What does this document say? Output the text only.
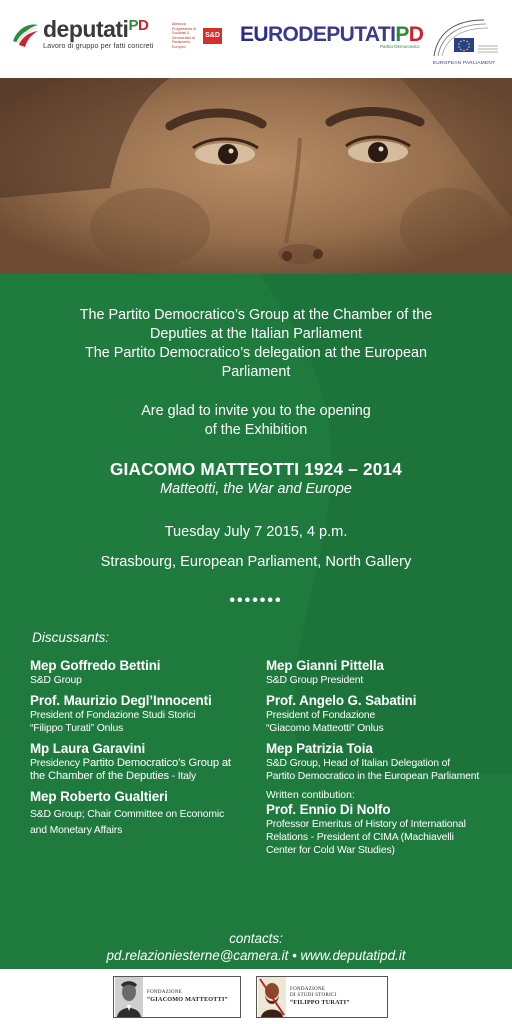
deputatiPD
Lavoro di gruppo per fatti concreti
Alleanza Progressista di Socialisti & Democratici al Parlamento Europeo
S&D EURODEPUTATIPD
Partito Democratico
EUROPEAN PARLIAMENT
The Partito Democratico’s Group at the Chamber of the
Deputies at the Italian Parliament
The Partito Democratico’s delegation at the European
Parliament
Are glad to invite you to the opening
of the Exhibition
GIACOMO MATTEOTTI 1924 – 2014
Matteotti, the War and Europe
Tuesday July 7 2015, 4 p.m.
Strasbourg, European Parliament, North Gallery
•••••••
Discussants:
Mep Goffredo Bettini
S&D Group
Prof. Maurizio Degl’Innocenti
President of Fondazione Studi Storici
“Filippo Turati” Onlus
Mp Laura Garavini
Presidency Partito Democratico’s Group at
the Chamber of the Deputies - Italy
Mep Roberto Gualtieri
S&D Group; Chair Committee on Economic
and Monetary Affairs
Mep Gianni Pittella
S&D Group President
Prof. Angelo G. Sabatini
President of Fondazione
“Giacomo Matteotti” Onlus
Mep Patrizia Toia
S&D Group, Head of Italian Delegation of
Partito Democratico in the European Parliament
Written contibution:
Prof. Ennio Di Nolfo
Professor Emeritus of History of International
Relations - President of CIMA (Machiavelli
Center for Cold War Studies)
contacts:
pd.relazioniesterne@camera.it • www.deputatipd.it
FONDAZIONE
“GIACOMO MATTEOTTI”
FONDAZIONE
DI STUDI STORICI
“FILIPPO TURATI”
